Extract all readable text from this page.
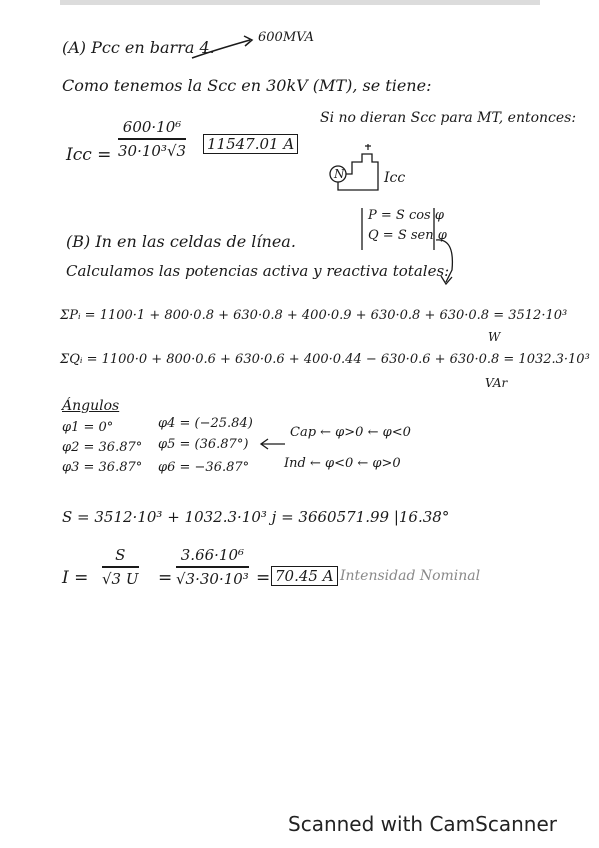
(A) Pcc en barra 4.
600MVA
Como tenemos la Scc en 30kV (MT), se tiene:
Icc =
600·10⁶
30·10³√3 11547.01 A
Si no dieran Scc para MT, entonces:
N	Icc
(B) In en las celdas de línea.
P = S cos φ
Q = S sen φ
Calculamos las potencias activa y reactiva totales:
ΣPᵢ = 1100·1 + 800·0.8 + 630·0.8 + 400·0.9 + 630·0.8 + 630·0.8 = 3512·10³
W
ΣQᵢ = 1100·0 + 800·0.6 + 630·0.6 + 400·0.44 − 630·0.6 + 630·0.8 = 1032.3·10³
VAr
Ángulos
φ1 = 0°
φ2 = 36.87°
φ3 = 36.87°
φ4 = (−25.84)
φ5 = (36.87°)
φ6 = −36.87°
Cap ← φ>0 ← φ<0
Ind ← φ<0 ← φ>0
S = 3512·10³ + 1032.3·10³ j = 3660571.99 |16.38°
I =
S
√3 U =
3.66·10⁶
√3·30·10³ = 70.45 A Intensidad Nominal
Scanned with CamScanner
